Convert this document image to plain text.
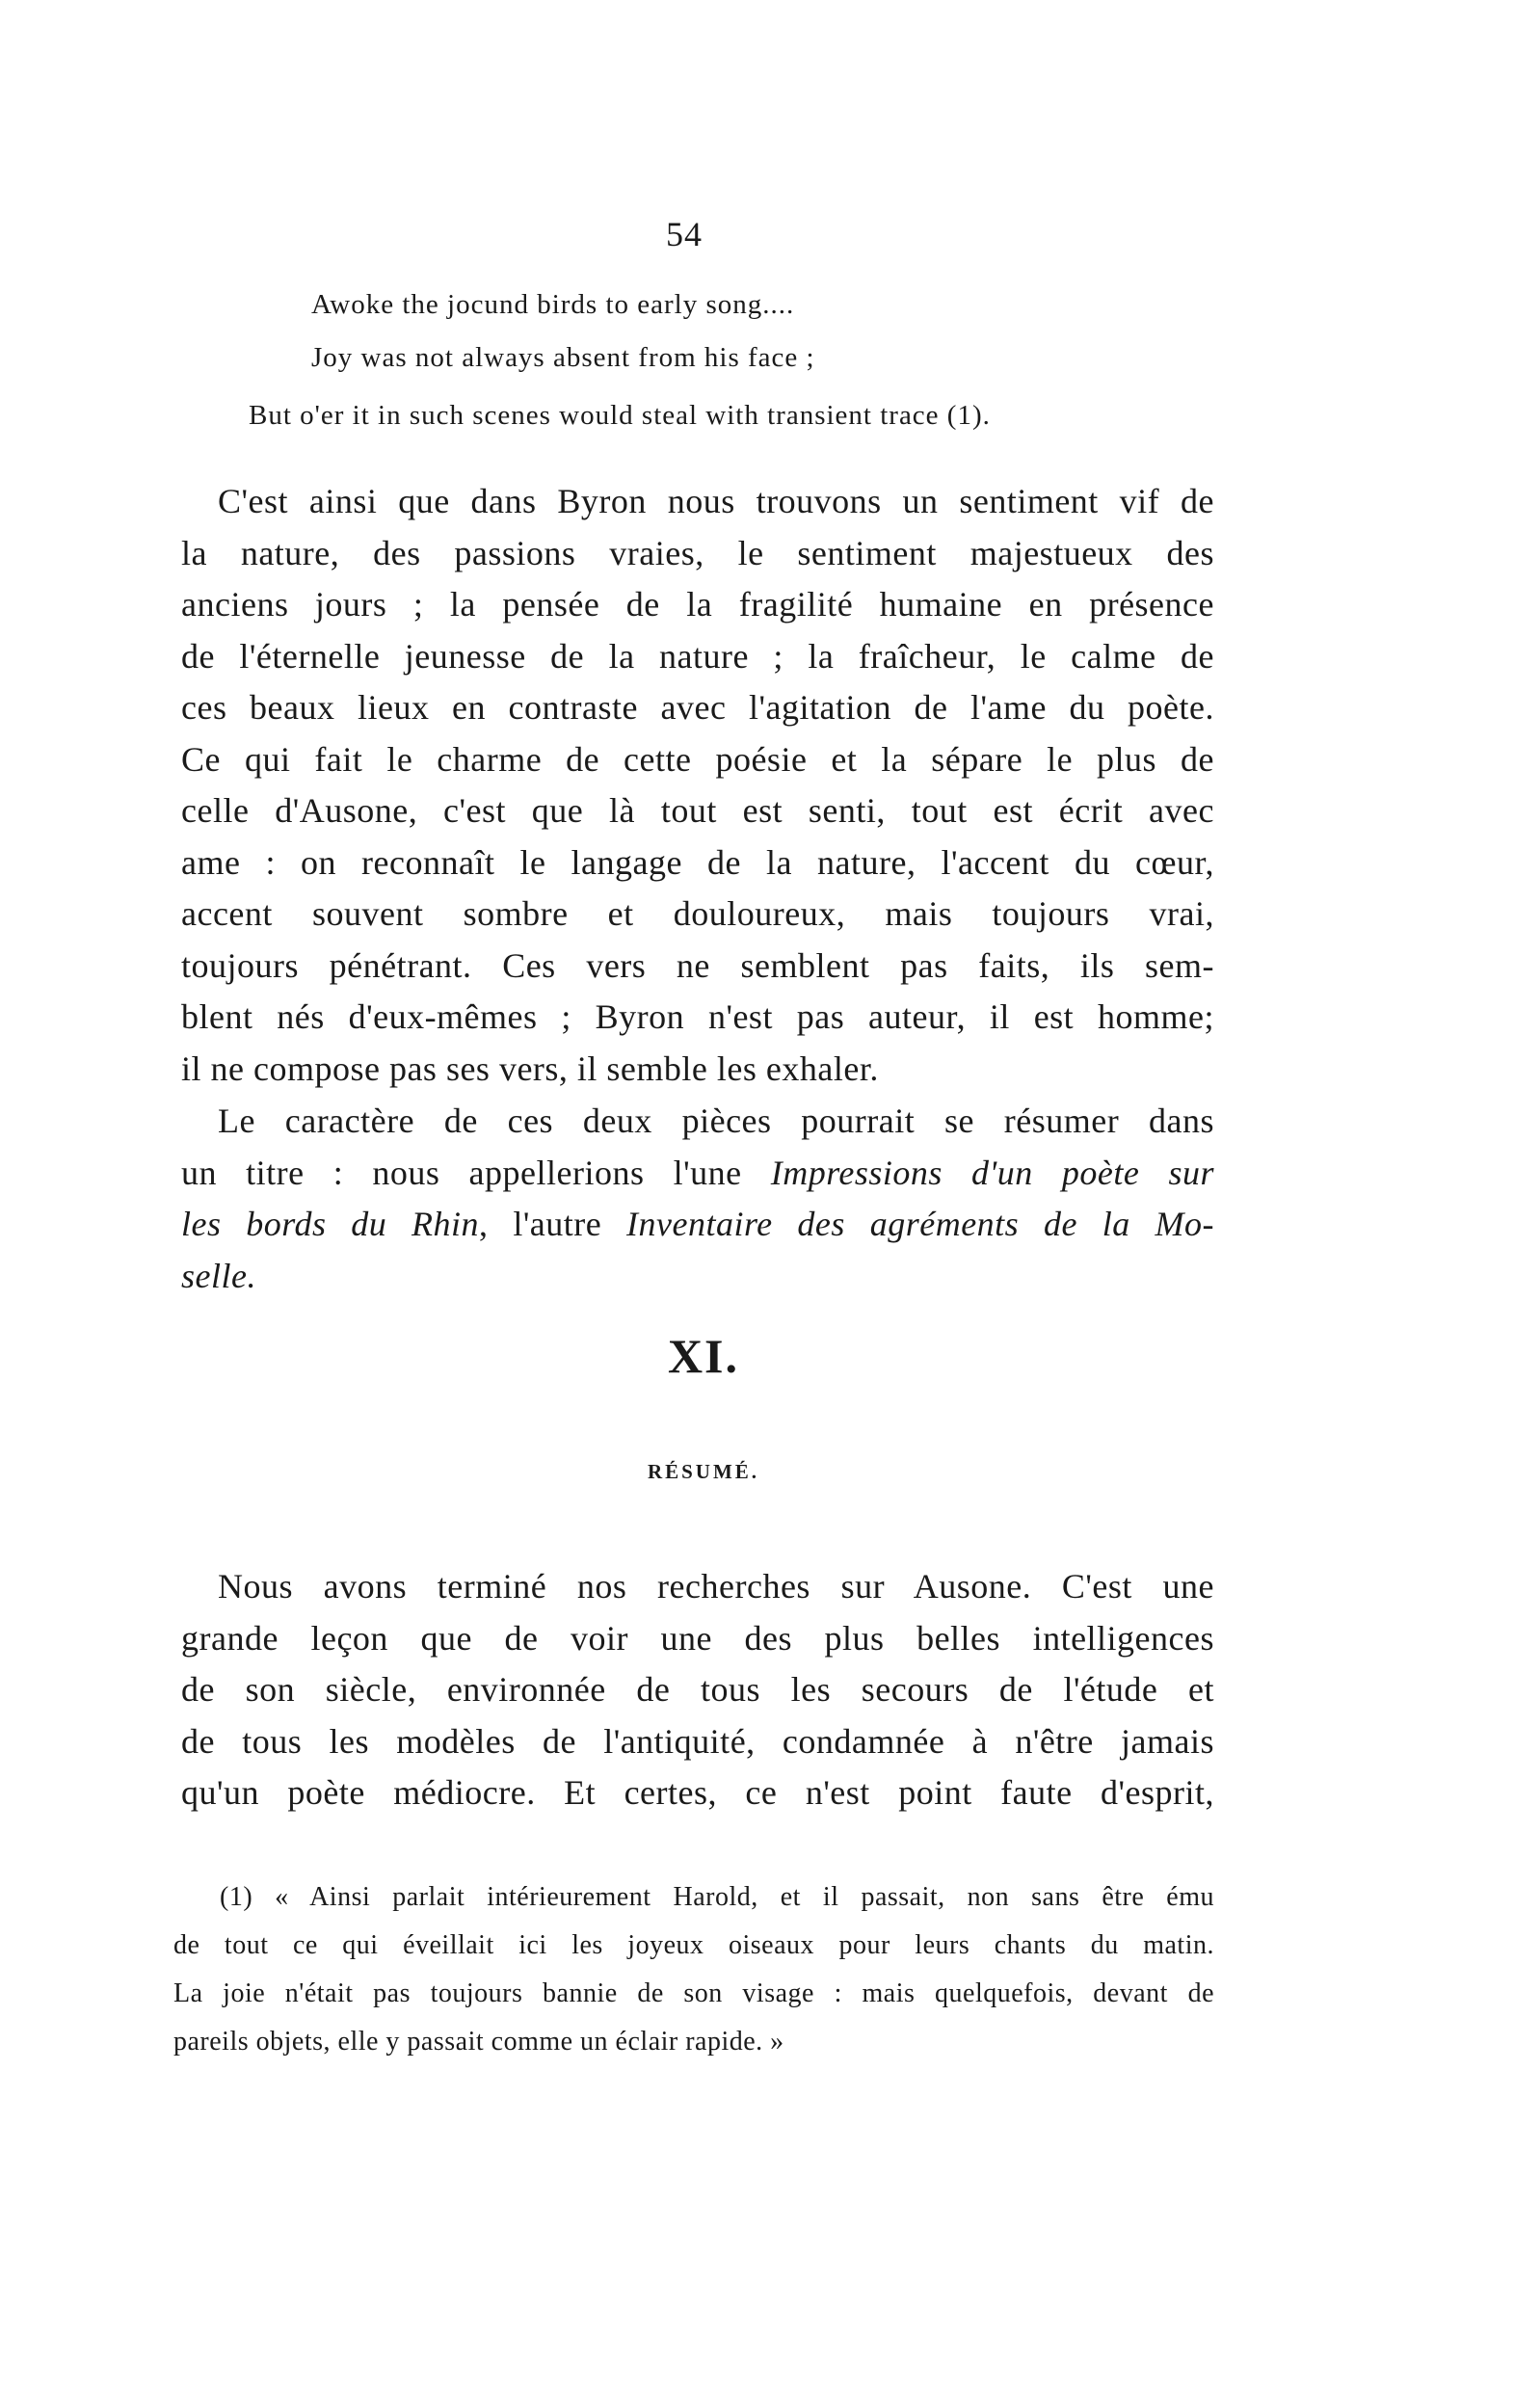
54
Awoke the jocund birds to early song....
Joy was not always absent from his face ;
But o'er it in such scenes would steal with transient trace (1).
C'est ainsi que dans Byron nous trouvons un sentiment vif de
la nature, des passions vraies, le sentiment majestueux des
anciens jours ; la pensée de la fragilité humaine en présence
de l'éternelle jeunesse de la nature ; la fraîcheur, le calme de
ces beaux lieux en contraste avec l'agitation de l'ame du poète.
Ce qui fait le charme de cette poésie et la sépare le plus de
celle d'Ausone, c'est que là tout est senti, tout est écrit avec
ame : on reconnaît le langage de la nature, l'accent du cœur,
accent souvent sombre et douloureux, mais toujours vrai,
toujours pénétrant. Ces vers ne semblent pas faits, ils sem-
blent nés d'eux-mêmes ; Byron n'est pas auteur, il est homme;
il ne compose pas ses vers, il semble les exhaler.
Le caractère de ces deux pièces pourrait se résumer dans
un titre : nous appellerions l'une Impressions d'un poète sur
les bords du Rhin, l'autre Inventaire des agréments de la Mo-
selle.
XI.
RÉSUMÉ.
Nous avons terminé nos recherches sur Ausone. C'est une
grande leçon que de voir une des plus belles intelligences
de son siècle, environnée de tous les secours de l'étude et
de tous les modèles de l'antiquité, condamnée à n'être jamais
qu'un poète médiocre. Et certes, ce n'est point faute d'esprit,
(1) « Ainsi parlait intérieurement Harold, et il passait, non sans être ému
de tout ce qui éveillait ici les joyeux oiseaux pour leurs chants du matin.
La joie n'était pas toujours bannie de son visage : mais quelquefois, devant de
pareils objets, elle y passait comme un éclair rapide. »
